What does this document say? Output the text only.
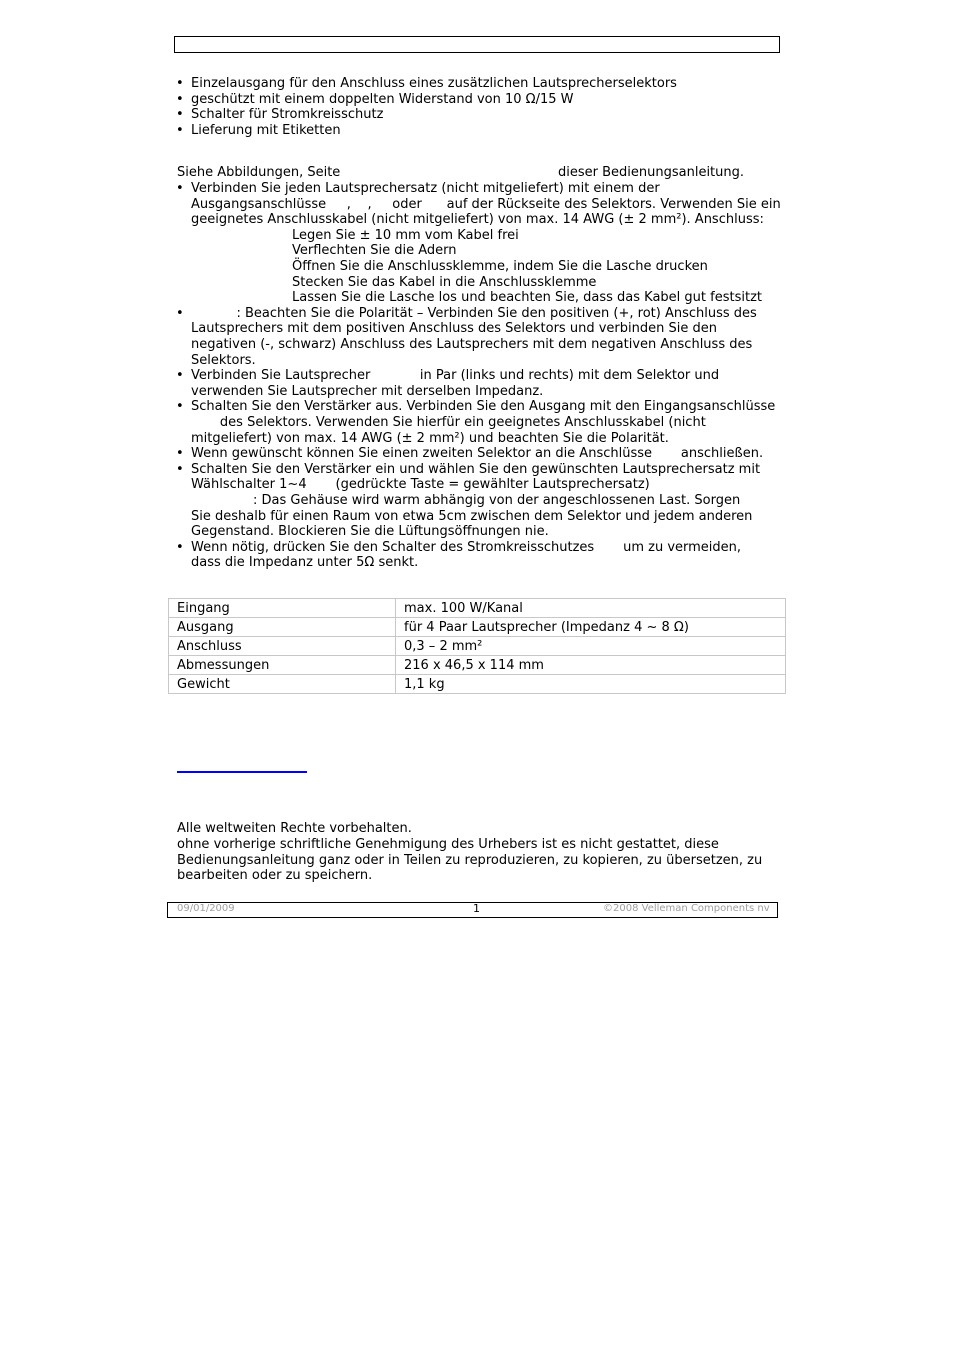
• Einzelausgang für den Anschluss eines zusätzlichen Lautsprecherselektors
• geschützt mit einem doppelten Widerstand von 10 Ω/15 W
• Schalter für Stromkreisschutz
• Lieferung mit Etiketten
Siehe Abbildungen, Seite	dieser Bedienungsanleitung.
• Verbinden Sie jeden Lautsprechersatz (nicht mitgeliefert) mit einem der
Ausgangsanschlüsse     ,    ,     oder      auf der Rückseite des Selektors. Verwenden Sie ein
geeignetes Anschlusskabel (nicht mitgeliefert) von max. 14 AWG (± 2 mm²). Anschluss:
Legen Sie ± 10 mm vom Kabel frei
Verflechten Sie die Adern
Öffnen Sie die Anschlussklemme, indem Sie die Lasche drucken
Stecken Sie das Kabel in die Anschlussklemme
Lassen Sie die Lasche los und beachten Sie, dass das Kabel gut festsitzt
• : Beachten Sie die Polarität – Verbinden Sie den positiven (+, rot) Anschluss des
Lautsprechers mit dem positiven Anschluss des Selektors und verbinden Sie den
negativen (-, schwarz) Anschluss des Lautsprechers mit dem negativen Anschluss des
Selektors.
• Verbinden Sie Lautsprecher            in Par (links und rechts) mit dem Selektor und
verwenden Sie Lautsprecher mit derselben Impedanz.
• Schalten Sie den Verstärker aus. Verbinden Sie den Ausgang mit den Eingangsanschlüsse
des Selektors. Verwenden Sie hierfür ein geeignetes Anschlusskabel (nicht
mitgeliefert) von max. 14 AWG (± 2 mm²) und beachten Sie die Polarität.
• Wenn gewünscht können Sie einen zweiten Selektor an die Anschlüsse       anschließen.
• Schalten Sie den Verstärker ein und wählen Sie den gewünschten Lautsprechersatz mit
Wählschalter 1~4       (gedrückte Taste = gewählter Lautsprechersatz)
: Das Gehäuse wird warm abhängig von der angeschlossenen Last. Sorgen
Sie deshalb für einen Raum von etwa 5cm zwischen dem Selektor und jedem anderen
Gegenstand. Blockieren Sie die Lüftungsöffnungen nie.
• Wenn nötig, drücken Sie den Schalter des Stromkreisschutzes       um zu vermeiden,
dass die Impedanz unter 5Ω senkt.
Eingang	max. 100 W/Kanal
Ausgang	für 4 Paar Lautsprecher (Impedanz 4 ~ 8 Ω)
Anschluss	0,3 – 2 mm²
Abmessungen	216 x 46,5 x 114 mm
Gewicht	1,1 kg
Alle weltweiten Rechte vorbehalten.
ohne vorherige schriftliche Genehmigung des Urhebers ist es nicht gestattet, diese
Bedienungsanleitung ganz oder in Teilen zu reproduzieren, zu kopieren, zu übersetzen, zu
bearbeiten oder zu speichern.
09/01/2009	1	©2008 Velleman Components nv
